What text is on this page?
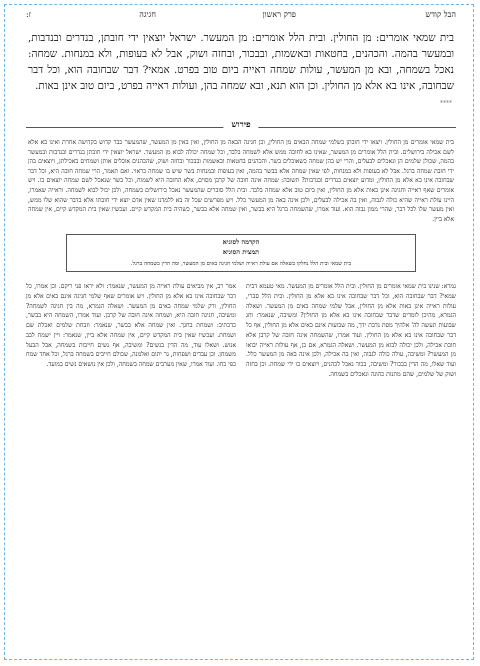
הבל קודש
פרק ראשון
חגיגה
ז:
בית שמאי אומרים: מן החולין. ובית הלל אומרים: מן המעשר. ישראל יוצאין ידי חובתן, בנדרים ובנדבות, ובמעשר בהמה. והכהנים, בחטאות ובאשמות, ובבכור, ובחזה ושוק, אבל לא בעופות, ולא במנחות. שמחה: נאכל בשמחה, ובא מן המעשר, עולות שמחה ראייה ביום טוב בפרט. אמאי? דבר שבחובה הוא, וכל דבר שבחובה, אינו בא אלא מן החולין. וכן הוא תנא, ובא שמחה בהן, ועולות ראייה בפרט, ביום טוב אינן באות.
****
פירוש
בית שמאי אומרים מן החולין. ויצאו ידי חובתן בשלמי שמחה הבאים מן החולין, וכן חגיגה הבאה מן החולין, ואין באין מן המעשר, שהמעשר כבר קדוש בקדושה אחרת ואינו בא אלא לשם אכילה בירושלים. ובית הלל אומרים מן המעשר, שאינו בא לחובה ממש אלא לשמחה בלבד, וכל שמחה יכולה לבוא מן המעשר. ישראל יוצאין ידי חובתן בנדרים ובנדבות ובמעשר בהמה, שכולן שלמים הן ונאכלים לבעלים, והרי יש בהן שמחה כשאוכלים בשר. והכהנים בחטאות ובאשמות ובבכור ובחזה ושוק, שהכהנים אוכלים אותן ושמחים באכילתן, ויוצאים בהן ידי חובת שמחה ברגל. אבל לא בעופות ולא במנחות, לפי שאין שמחה אלא בבשר בהמה, ואין בעופות ובמנחות בשר שיש בו שמחה כראוי. ואם תאמר, הרי שמחה חובה היא, וכל דבר שבחובה אינו בא אלא מן החולין, ומדוע יוצאים בנדרים ובנדבות? תשובה: שמחה אינה חובה של קרבן מסוים, אלא החובה היא לשמוח, וכל בשר שנאכל לשם שמחה יוצאים בו. ויש אומרים שאף ראייה וחגיגה אינן באות אלא מן החולין, ואין ביום טוב אלא שמחה בלבד. ובית הלל סוברים שהמעשר נאכל בירושלים בשמחה, ולכן יכול לבוא לשמחה. וראייה שאמרו, היינו עולת ראייה שהיא כולה לגבוה, ואין בה אכילה לבעלים, ולכן אינה באה מן המעשר כלל. ויש מפרשים שכל זה בא ללמדנו שאין אדם יוצא ידי חובתו אלא בדבר שהוא שלו ממש, ואין מעשר שלו לכל דבר, שהרי ממון גבוה הוא. ועוד אמרו, שהשמחה ברגל היא בבשר, ואין שמחה אלא בבשר, כשהיה בית המקדש קיים. ועכשיו שאין בית המקדש קיים, אין שמחה אלא ביין.
הקדמה לסוגיא
תמצית הסוגיא
בית שמאי ובית הלל נחלקו בשאלה אם עולת ראייה ושלמי חגיגה באים מן המעשר, ומה הדין בשמחה ברגל.
גמרא: שנינו בית שמאי אומרים מן החולין. ובית הלל אומרים מן המעשר. מאי טעמא דבית שמאי? דבר שבחובה הוא, וכל דבר שבחובה אינו בא אלא מן החולין. ובית הלל סברי, עולות ראייה אינן באות אלא מן החולין, אבל שלמי שמחה באים מן המעשר. ושאלה הגמרא, מהיכן לומדים שדבר שבחובה אינו בא אלא מן החולין? ומשיבה, שנאמר: וחג שבועות תעשה לה' אלהיך מסת נדבת ידך, מה שבועות אינם באים אלא מן החולין, אף כל דבר שבחובה אינו בא אלא מן החולין. ועוד אמרו, שהשמחה אינה חובה של קרבן אלא חובת אכילה, ולכן יכולה לבוא מן המעשר. ושאלה הגמרא, אם כן, אף עולות ראייה יבואו מן המעשר? ומשיבה, עולה כולה לגבוה, ואין בה אכילה, ולכן אינה באה מן המעשר כלל. ועוד שאלו, מה הדין בבכור? ומשיבה, בכור נאכל לכהנים, ויוצאים בו ידי שמחה. וכן בחזה ושוק של שלמים, שהם מתנות כהונה ונאכלים בשמחה.
אמר רב, אין מביאים עולת ראייה מן המעשר, שנאמר: ולא יראו פני ריקם. וכן אמרו, כל דבר שבחובה אינו בא אלא מן החולין. ויש אומרים שאף שלמי חגיגה אינם באים אלא מן החולין, ורק שלמי שמחה באים מן המעשר. ושאלה הגמרא, מה בין חגיגה לשמחה? ומשיבה, חגיגה חובה היא, ושמחה אינה חובה של קרבן. ועוד אמרו, השמחה היא בבשר, כדכתיב: ושמחת בחגך. ואין שמחה אלא בבשר, שנאמר: וזבחת שלמים ואכלת שם ושמחת. ועכשיו שאין בית המקדש קיים, אין שמחה אלא ביין, שנאמר: ויין ישמח לבב אנוש. ושאלו עוד, מה הדין בנשים? ומשיבה, אף נשים חייבות בשמחה, אבל הבעל משמחן. וכן עבדים ושפחות, גר יתום ואלמנה, שכולם חייבים בשמחה ברגל, וכל אחד שמח כפי כחו. ועוד אמרו, שאין מערבים שמחה בשמחה, ולכן אין נושאים נשים במועד.
